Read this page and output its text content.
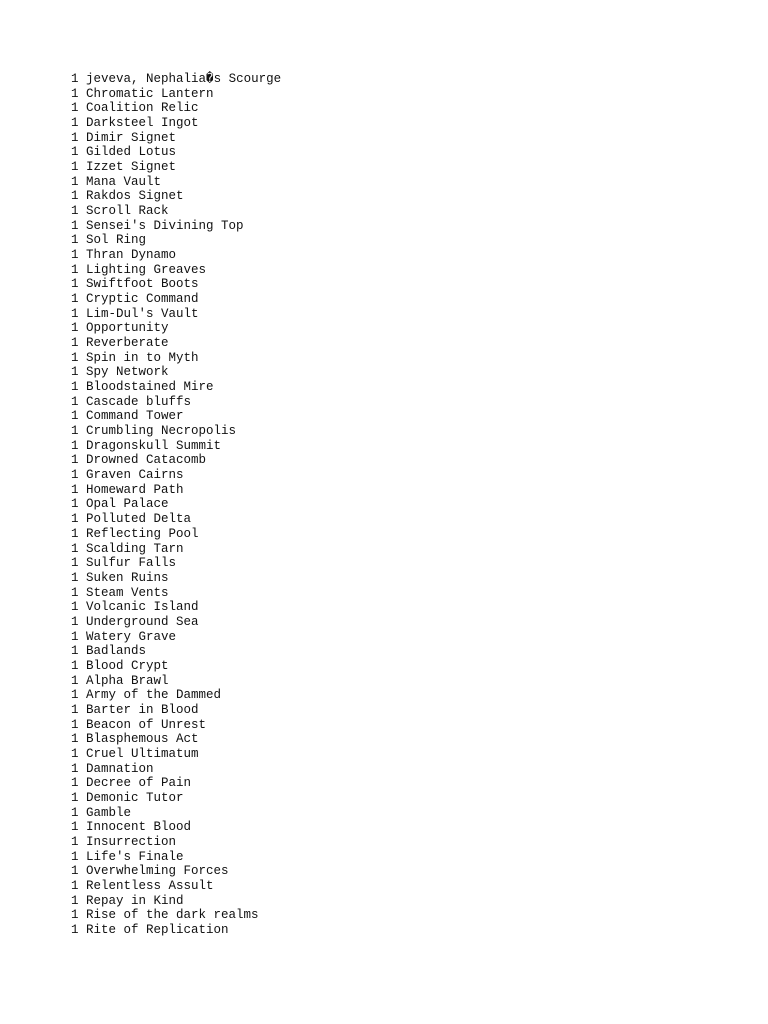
1 jeveva, Nephalia�s Scourge
1 Chromatic Lantern
1 Coalition Relic
1 Darksteel Ingot
1 Dimir Signet
1 Gilded Lotus
1 Izzet Signet
1 Mana Vault
1 Rakdos Signet
1 Scroll Rack
1 Sensei's Divining Top
1 Sol Ring
1 Thran Dynamo
1 Lighting Greaves
1 Swiftfoot Boots
1 Cryptic Command
1 Lim-Dul's Vault
1 Opportunity
1 Reverberate
1 Spin in to Myth
1 Spy Network
1 Bloodstained Mire
1 Cascade bluffs
1 Command Tower
1 Crumbling Necropolis
1 Dragonskull Summit
1 Drowned Catacomb
1 Graven Cairns
1 Homeward Path
1 Opal Palace
1 Polluted Delta
1 Reflecting Pool
1 Scalding Tarn
1 Sulfur Falls
1 Suken Ruins
1 Steam Vents
1 Volcanic Island
1 Underground Sea
1 Watery Grave
1 Badlands
1 Blood Crypt
1 Alpha Brawl
1 Army of the Dammed
1 Barter in Blood
1 Beacon of Unrest
1 Blasphemous Act
1 Cruel Ultimatum
1 Damnation
1 Decree of Pain
1 Demonic Tutor
1 Gamble
1 Innocent Blood
1 Insurrection
1 Life's Finale
1 Overwhelming Forces
1 Relentless Assult
1 Repay in Kind
1 Rise of the dark realms
1 Rite of Replication
